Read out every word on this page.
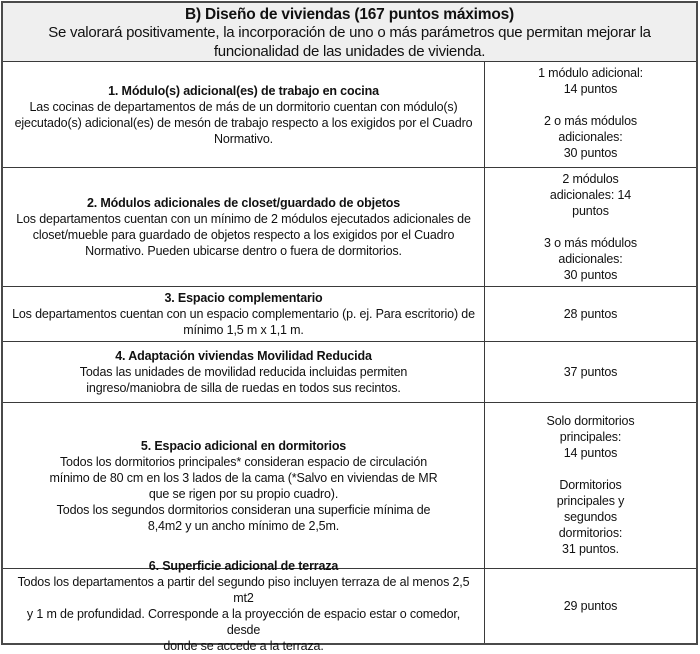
B) Diseño de viviendas (167 puntos máximos)
Se valorará positivamente, la incorporación de uno o más parámetros que permitan mejorar la funcionalidad de las unidades de vivienda.
1. Módulo(s) adicional(es) de trabajo en cocina
Las cocinas de departamentos de más de un dormitorio cuentan con módulo(s)
ejecutado(s) adicional(es) de mesón de trabajo respecto a los exigidos por el Cuadro
Normativo.
1 módulo adicional:
14 puntos
2 o más módulos
adicionales:
30 puntos
2. Módulos adicionales de closet/guardado de objetos
Los departamentos cuentan con un mínimo de 2 módulos ejecutados adicionales de
closet/mueble para guardado de objetos respecto a los exigidos por el Cuadro
Normativo. Pueden ubicarse dentro o fuera de dormitorios.
2 módulos
adicionales: 14
puntos
3 o más módulos
adicionales:
30 puntos
3. Espacio complementario
Los departamentos cuentan con un espacio complementario (p. ej. Para escritorio) de
mínimo 1,5 m x 1,1 m.
28 puntos
4. Adaptación viviendas Movilidad Reducida
Todas las unidades de movilidad reducida incluidas permiten
ingreso/maniobra de silla de ruedas en todos sus recintos.
37 puntos
5. Espacio adicional en dormitorios
Todos los dormitorios principales* consideran espacio de circulación
mínimo de 80 cm en los 3 lados de la cama (*Salvo en viviendas de MR
que se rigen por su propio cuadro).
Todos los segundos dormitorios consideran una superficie mínima de
8,4m2 y un ancho mínimo de 2,5m.
Solo dormitorios
principales:
14 puntos
Dormitorios
principales y
segundos
dormitorios:
31 puntos.
6. Superficie adicional de terraza
Todos los departamentos a partir del segundo piso incluyen terraza de al menos 2,5 mt2
y 1 m de profundidad. Corresponde a la proyección de espacio estar o comedor, desde
donde se accede a la terraza.
29 puntos
